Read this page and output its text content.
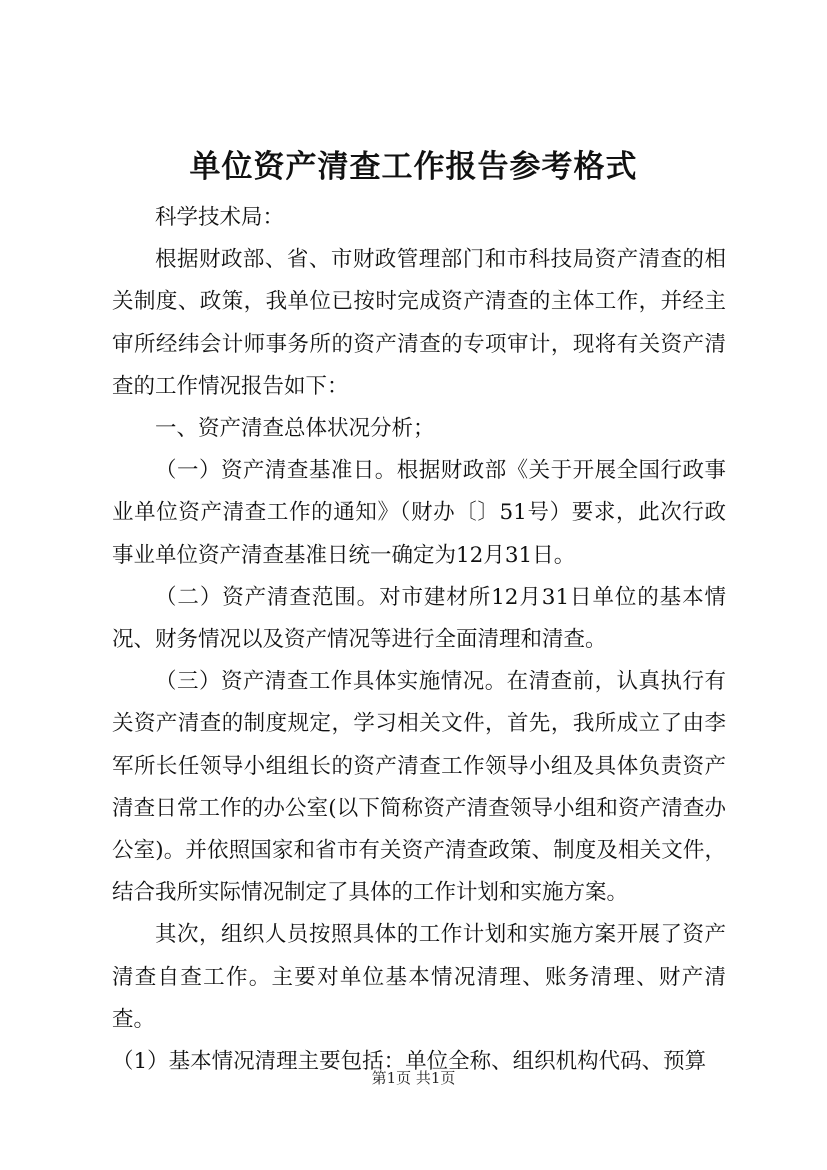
单位资产清查工作报告参考格式

科学技术局：

根据财政部、省、市财政管理部门和市科技局资产清查的相关制度、政策，我单位已按时完成资产清查的主体工作，并经主审所经纬会计师事务所的资产清查的专项审计，现将有关资产清查的工作情况报告如下：

一、资产清查总体状况分析；

（一）资产清查基准日。根据财政部《关于开展全国行政事业单位资产清查工作的通知》（财办〔〕51号）要求，此次行政事业单位资产清查基准日统一确定为12月31日。

（二）资产清查范围。对市建材所12月31日单位的基本情况、财务情况以及资产情况等进行全面清理和清查。

（三）资产清查工作具体实施情况。在清查前，认真执行有关资产清查的制度规定，学习相关文件，首先，我所成立了由李军所长任领导小组组长的资产清查工作领导小组及具体负责资产清查日常工作的办公室(以下简称资产清查领导小组和资产清查办公室)。并依照国家和省市有关资产清查政策、制度及相关文件，结合我所实际情况制定了具体的工作计划和实施方案。

其次，组织人员按照具体的工作计划和实施方案开展了资产清查自查工作。主要对单位基本情况清理、账务清理、财产清查。

（1）基本情况清理主要包括：单位全称、组织机构代码、预算

第1页 共1页
